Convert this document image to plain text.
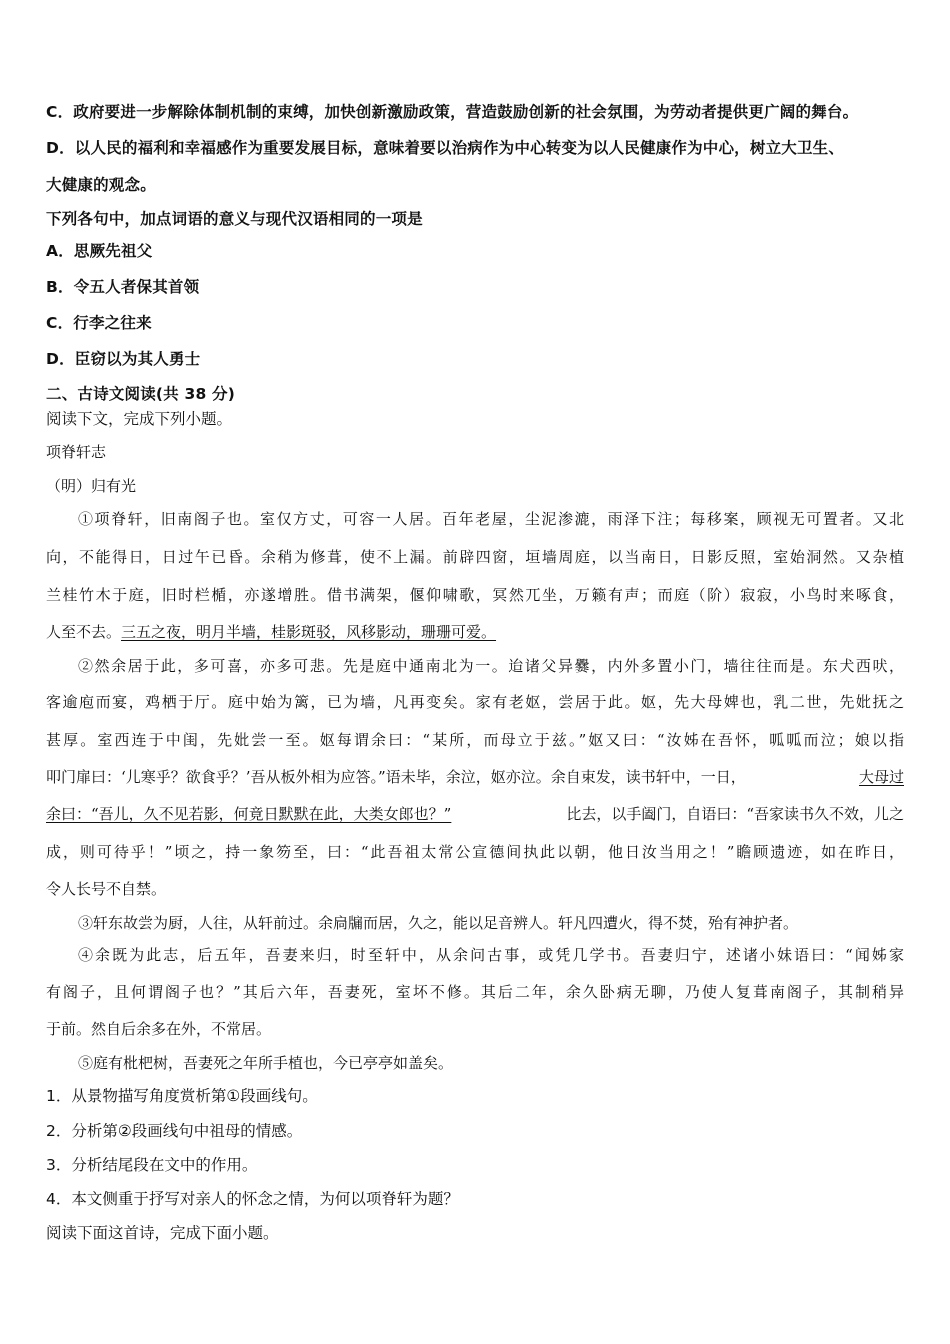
C．政府要进一步解除体制机制的束缚，加快创新激励政策，营造鼓励创新的社会氛围，为劳动者提供更广阔的舞台。
D．以人民的福利和幸福感作为重要发展目标，意味着要以治病作为中心转变为以人民健康作为中心，树立大卫生、
大健康的观念。
下列各句中，加点词语的意义与现代汉语相同的一项是
A．思厥先祖父
B．令五人者保其首领
C．行李之往来
D．臣窃以为其人勇士
二、古诗文阅读(共 38 分)
阅读下文，完成下列小题。
项脊轩志
（明）归有光
①项脊轩，旧南阁子也。室仅方丈，可容一人居。百年老屋，尘泥渗漉，雨泽下注；每移案，顾视无可置者。又北
向，不能得日，日过午已昏。余稍为修葺，使不上漏。前辟四窗，垣墙周庭，以当南日，日影反照，室始洞然。又杂植
兰桂竹木于庭，旧时栏楯，亦遂增胜。借书满架，偃仰啸歌，冥然兀坐，万籁有声；而庭（阶）寂寂，小鸟时来啄食，
人至不去。三五之夜，明月半墙，桂影斑驳，风移影动，珊珊可爱。
②然余居于此，多可喜，亦多可悲。先是庭中通南北为一。迨诸父异爨，内外多置小门，墙往往而是。东犬西吠，
客逾庖而宴，鸡栖于厅。庭中始为篱，已为墙，凡再变矣。家有老妪，尝居于此。妪，先大母婢也，乳二世，先妣抚之
甚厚。室西连于中闺，先妣尝一至。妪每谓余曰：“某所，而母立于兹。”妪又曰：“汝姊在吾怀，呱呱而泣；娘以指
叩门扉曰：‘儿寒乎？欲食乎？’吾从板外相为应答。”语未毕，余泣，妪亦泣。余自束发，读书轩中，一日，	大母过
余曰：“吾儿，久不见若影，何竟日默默在此，大类女郎也？”	比去，以手阖门，自语曰：“吾家读书久不效，儿之
成，则可待乎！”顷之，持一象笏至，曰：“此吾祖太常公宣德间执此以朝，他日汝当用之！”瞻顾遗迹，如在昨日，
令人长号不自禁。
③轩东故尝为厨，人往，从轩前过。余扃牖而居，久之，能以足音辨人。轩凡四遭火，得不焚，殆有神护者。
④余既为此志，后五年，吾妻来归，时至轩中，从余问古事，或凭几学书。吾妻归宁，述诸小妹语曰：“闻姊家
有阁子，且何谓阁子也？”其后六年，吾妻死，室坏不修。其后二年，余久卧病无聊，乃使人复葺南阁子，其制稍异
于前。然自后余多在外，不常居。
⑤庭有枇杷树，吾妻死之年所手植也，今已亭亭如盖矣。
1．从景物描写角度赏析第①段画线句。
2．分析第②段画线句中祖母的情感。
3．分析结尾段在文中的作用。
4．本文侧重于抒写对亲人的怀念之情，为何以项脊轩为题？
阅读下面这首诗，完成下面小题。
